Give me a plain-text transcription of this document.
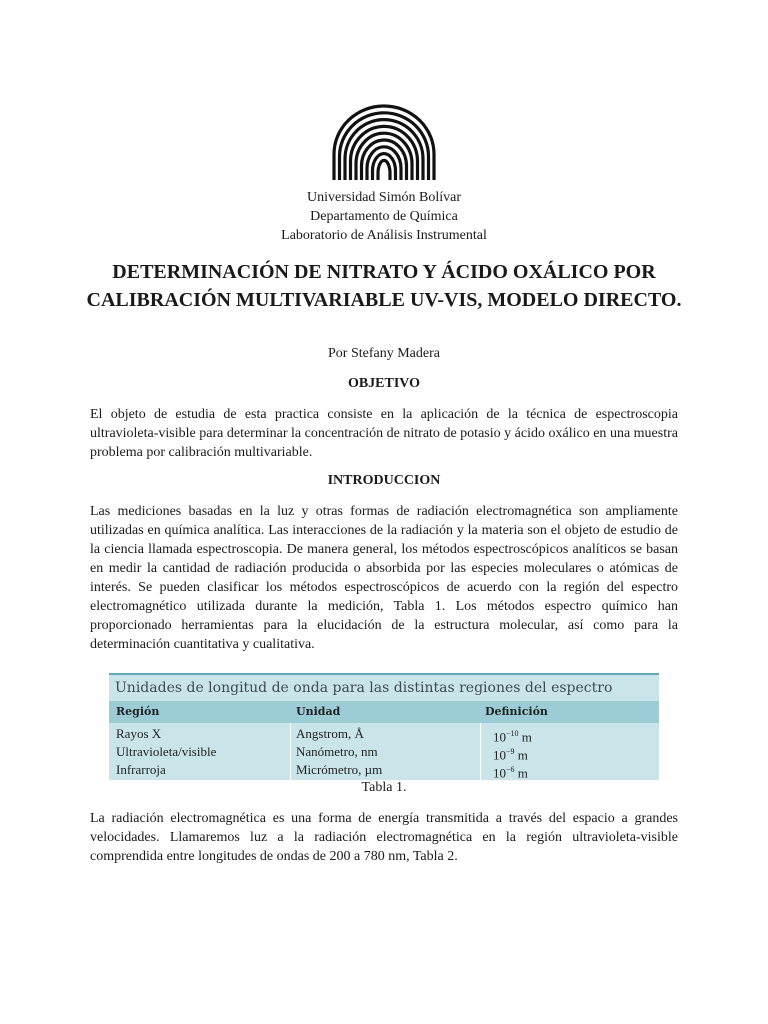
Universidad Simón Bolívar
Departamento de Química
Laboratorio de Análisis Instrumental
DETERMINACIÓN DE NITRATO Y ÁCIDO OXÁLICO POR CALIBRACIÓN MULTIVARIABLE UV-VIS, MODELO DIRECTO.
Por Stefany Madera
OBJETIVO
El objeto de estudia de esta practica consiste en la aplicación de la técnica de espectroscopia ultravioleta-visible para determinar la concentración de nitrato de potasio y ácido oxálico en una muestra problema por calibración multivariable.
INTRODUCCION
Las mediciones basadas en la luz y otras formas de radiación electromagnética son ampliamente utilizadas en química analítica. Las interacciones de la radiación y la materia son el objeto de estudio de la ciencia llamada espectroscopia. De manera general, los métodos espectroscópicos analíticos se basan en medir la cantidad de radiación producida o absorbida por las especies moleculares o atómicas de interés. Se pueden clasificar los métodos espectroscópicos de acuerdo con la región del espectro electromagnético utilizada durante la medición, Tabla 1. Los métodos espectro químico han proporcionado herramientas para la elucidación de la estructura molecular, así como para la determinación cuantitativa y cualitativa.
Unidades de longitud de onda para las distintas regiones del espectro
Región	Unidad	Definición
Rayos X	Angstrom, Å	$10^{-10}$ m
Ultravioleta/visible	Nanómetro, nm	$10^{-9}$ m
Infrarroja	Micrómetro, µm	$10^{-6}$ m
Tabla 1.
La radiación electromagnética es una forma de energía transmitida a través del espacio a grandes velocidades. Llamaremos luz a la radiación electromagnética en la región ultravioleta-visible comprendida entre longitudes de ondas de 200 a 780 nm, Tabla 2.
